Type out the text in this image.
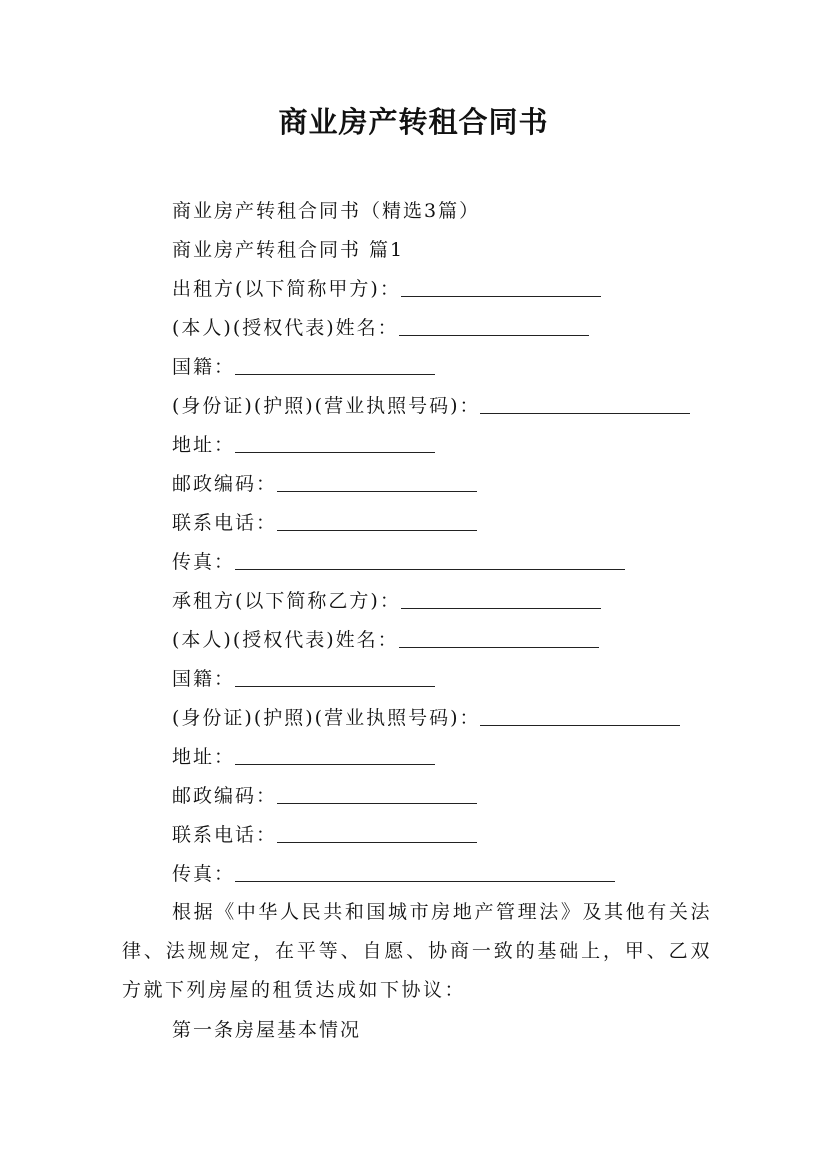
商业房产转租合同书
商业房产转租合同书（精选3篇）
商业房产转租合同书 篇1
出租方(以下简称甲方)：
(本人)(授权代表)姓名：
国籍：
(身份证)(护照)(营业执照号码)：
地址：
邮政编码：
联系电话：
传真：
承租方(以下简称乙方)：
(本人)(授权代表)姓名：
国籍：
(身份证)(护照)(营业执照号码)：
地址：
邮政编码：
联系电话：
传真：
根据《中华人民共和国城市房地产管理法》及其他有关法律、法规规定，在平等、自愿、协商一致的基础上，甲、乙双方就下列房屋的租赁达成如下协议：
第一条房屋基本情况
